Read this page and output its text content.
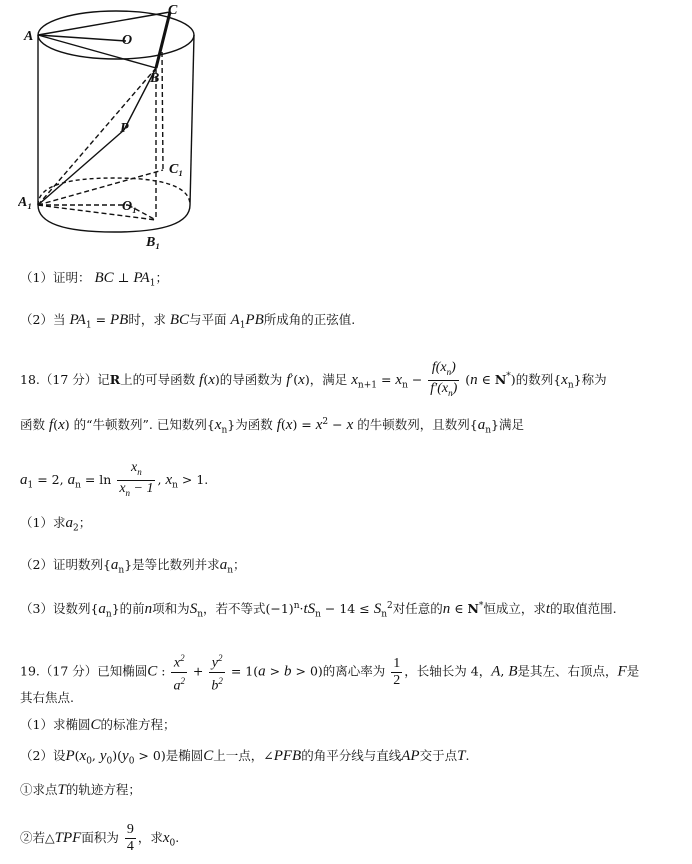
A	O
C
B
P
C₁
A₁	O₁
B₁
（1）证明： BC ⊥ $PA_1$；
（2）当 $PA_1$ = PB时，求 BC与平面 $A_1PB$所成角的正弦值.
18.（17 分）记R上的可导函数 f(x)的导函数为 f′(x)，满足 $x_{n+1} = x_n - \frac{f(x_n)}{f'(x_n)} (n$ ∈ N*)的数列$\{x_n\}$称为
函数 f(x) 的“牛顿数列”. 已知数列$\{x_n\}$为函数 $f(x) = x^2 - x$ 的牛顿数列，且数列$\{a_n\}$满足
$a_1 = 2$, $a_n = \ln \frac{x_n}{x_n - 1}$ , $x_n > 1$.
（1）求$a_2$；
（2）证明数列$\{a_n\}$是等比数列并求$a_n$；
（3）设数列$\{a_n\}$的前n项和为$S_n$，若不等式$(-1)^n\cdot tS_n - 14 \le S_n^2$对任意的n ∈ N*恒成立，求t的取值范围.
19.（17 分）已知椭圆C : $\frac{x^2}{a^2} + \frac{y^2}{b^2} = 1(a > b > 0)$的离心率为 $\frac{1}{2}$ ，长轴长为 4，A, B是其左、右顶点，F是
其右焦点.
（1）求椭圆C的标准方程；
（2）设$P(x_0$, $y_0)(y_0 > 0)$是椭圆C上一点，∠PFB的角平分线与直线AP交于点T.
①求点T的轨迹方程；
②若△TPF面积为 $\frac{9}{4}$ ，求$x_0$.
